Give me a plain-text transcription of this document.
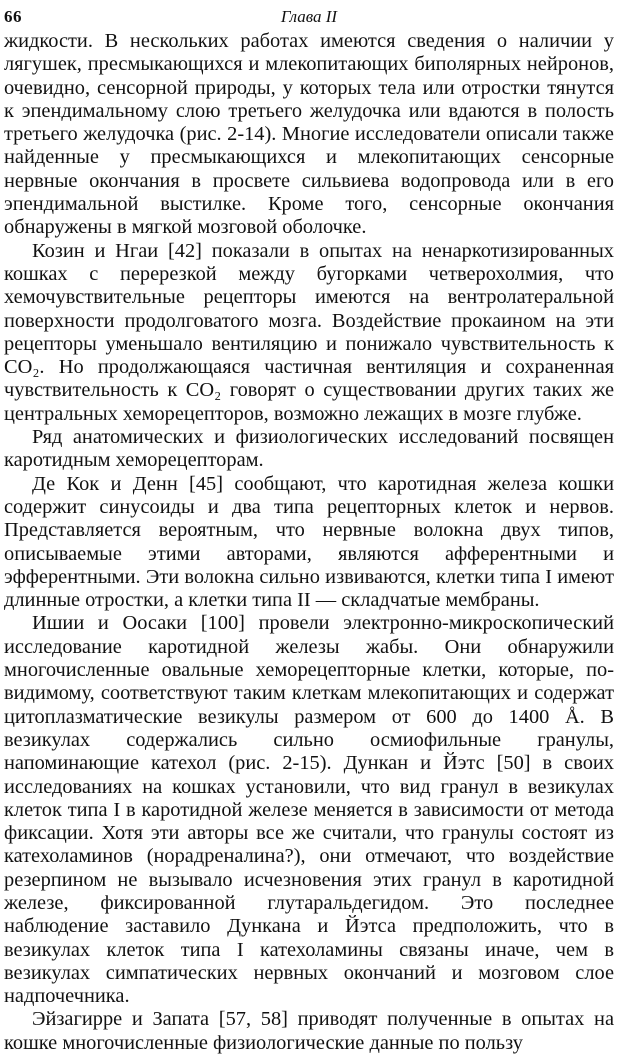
66	Глава II

жидкости. В нескольких работах имеются сведения о наличии у лягушек, пресмыкающихся и млекопитающих биполярных нейронов, очевидно, сенсорной природы, у которых тела или отростки тянутся к эпендимальному слою третьего желудочка или вдаются в полость третьего желудочка (рис. 2-14). Многие исследователи описали также найденные у пресмыкающихся и млекопитающих сенсорные нервные окончания в просвете сильвиева водопровода или в его эпендимальной выстилке. Кроме того, сенсорные окончания обнаружены в мягкой мозговой оболочке.

Козин и Нгаи [42] показали в опытах на ненаркотизированных кошках с перерезкой между бугорками четверохолмия, что хемочувствительные рецепторы имеются на вентролатеральной поверхности продолговатого мозга. Воздействие прокаином на эти рецепторы уменьшало вентиляцию и понижало чувствительность к CO₂. Но продолжающаяся частичная вентиляция и сохраненная чувствительность к CO₂ говорят о существовании других таких же центральных хеморецепторов, возможно лежащих в мозге глубже.

Ряд анатомических и физиологических исследований посвящен каротидным хеморецепторам.

Де Кок и Денн [45] сообщают, что каротидная железа кошки содержит синусоиды и два типа рецепторных клеток и нервов. Представляется вероятным, что нервные волокна двух типов, описываемые этими авторами, являются афферентными и эфферентными. Эти волокна сильно извиваются, клетки типа I имеют длинные отростки, а клетки типа II — складчатые мембраны.

Ишии и Оосаки [100] провели электронно-микроскопический исследование каротидной железы жабы. Они обнаружили многочисленные овальные хеморецепторные клетки, которые, по-видимому, соответствуют таким клеткам млекопитающих и содержат цитоплазматические везикулы размером от 600 до 1400 Å. В везикулах содержались сильно осмиофильные гранулы, напоминающие катехол (рис. 2-15). Дункан и Йэтс [50] в своих исследованиях на кошках установили, что вид гранул в везикулах клеток типа I в каротидной железе меняется в зависимости от метода фиксации. Хотя эти авторы все же считали, что гранулы состоят из катехоламинов (норадреналина?), они отмечают, что воздействие резерпином не вызывало исчезновения этих гранул в каротидной железе, фиксированной глутаральдегидом. Это последнее наблюдение заставило Дункана и Йэтса предположить, что в везикулах клеток типа I катехоламины связаны иначе, чем в везикулах симпатических нервных окончаний и мозговом слое надпочечника.

Эйзагирре и Запата [57, 58] приводят полученные в опытах на кошке многочисленные физиологические данные по пользу
